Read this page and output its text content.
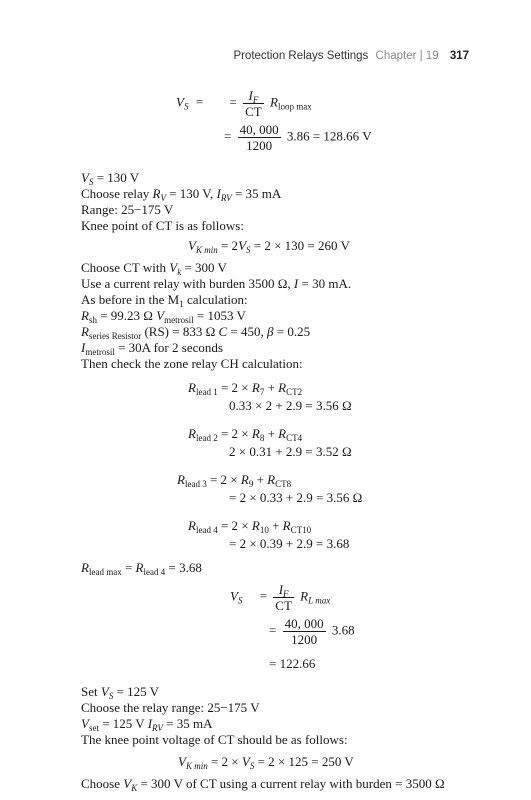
Protection Relays Settings Chapter | 19 317
$V_S$ = = $\frac{I_F}{CT} R_{loop max}$
= $\frac{40, 000}{1200} 3.86 = 128.66$ V
$V_S = 130$ V
Choose relay $R_V = 130$ V, $I_{RV} = 35$ mA
Range: 25−175 V
Knee point of CT is as follows:
$V_{K min} = 2V_S = 2 \times 130 = 260$ V
Choose CT with $V_k = 300$ V
Use a current relay with burden 3500 Ω, I = 30 mA.
As before in the $M_1$ calculation:
$R_{sh} = 99.23$ Ω $V_{metrosil} = 1053$ V
$R_{series Resistor}$ (RS) = 833 Ω C = 450, β = 0.25
$I_{metrosil} = 30A$ for 2 seconds
Then check the zone relay CH calculation:
$R_{lead 1} = 2 \times R_7 + R_{CT2}$
0.33 × 2 + 2.9 = 3.56 Ω
$R_{lead 2} = 2 \times R_8 + R_{CT4}$
2 × 0.31 + 2.9 = 3.52 Ω
$R_{lead 3} = 2 \times R_9 + R_{CT8}$
= 2 × 0.33 + 2.9 = 3.56 Ω
$R_{lead 4} = 2 \times R_{10} + R_{CT10}$
= 2 × 0.39 + 2.9 = 3.68
$R_{lead max} = R_{lead 4} = 3.68$
$V_S = \frac{I_F}{CT} R_{L max}$
= $\frac{40, 000}{1200} 3.68$
= 122.66
Set $V_S = 125$ V
Choose the relay range: 25−175 V
$V_{set} = 125$ V $I_{RV} = 35$ mA
The knee point voltage of CT should be as follows:
$V_{K min} = 2 \times V_S = 2 \times 125 = 250$ V
Choose $V_K = 300$ V of CT using a current relay with burden = 3500 Ω
